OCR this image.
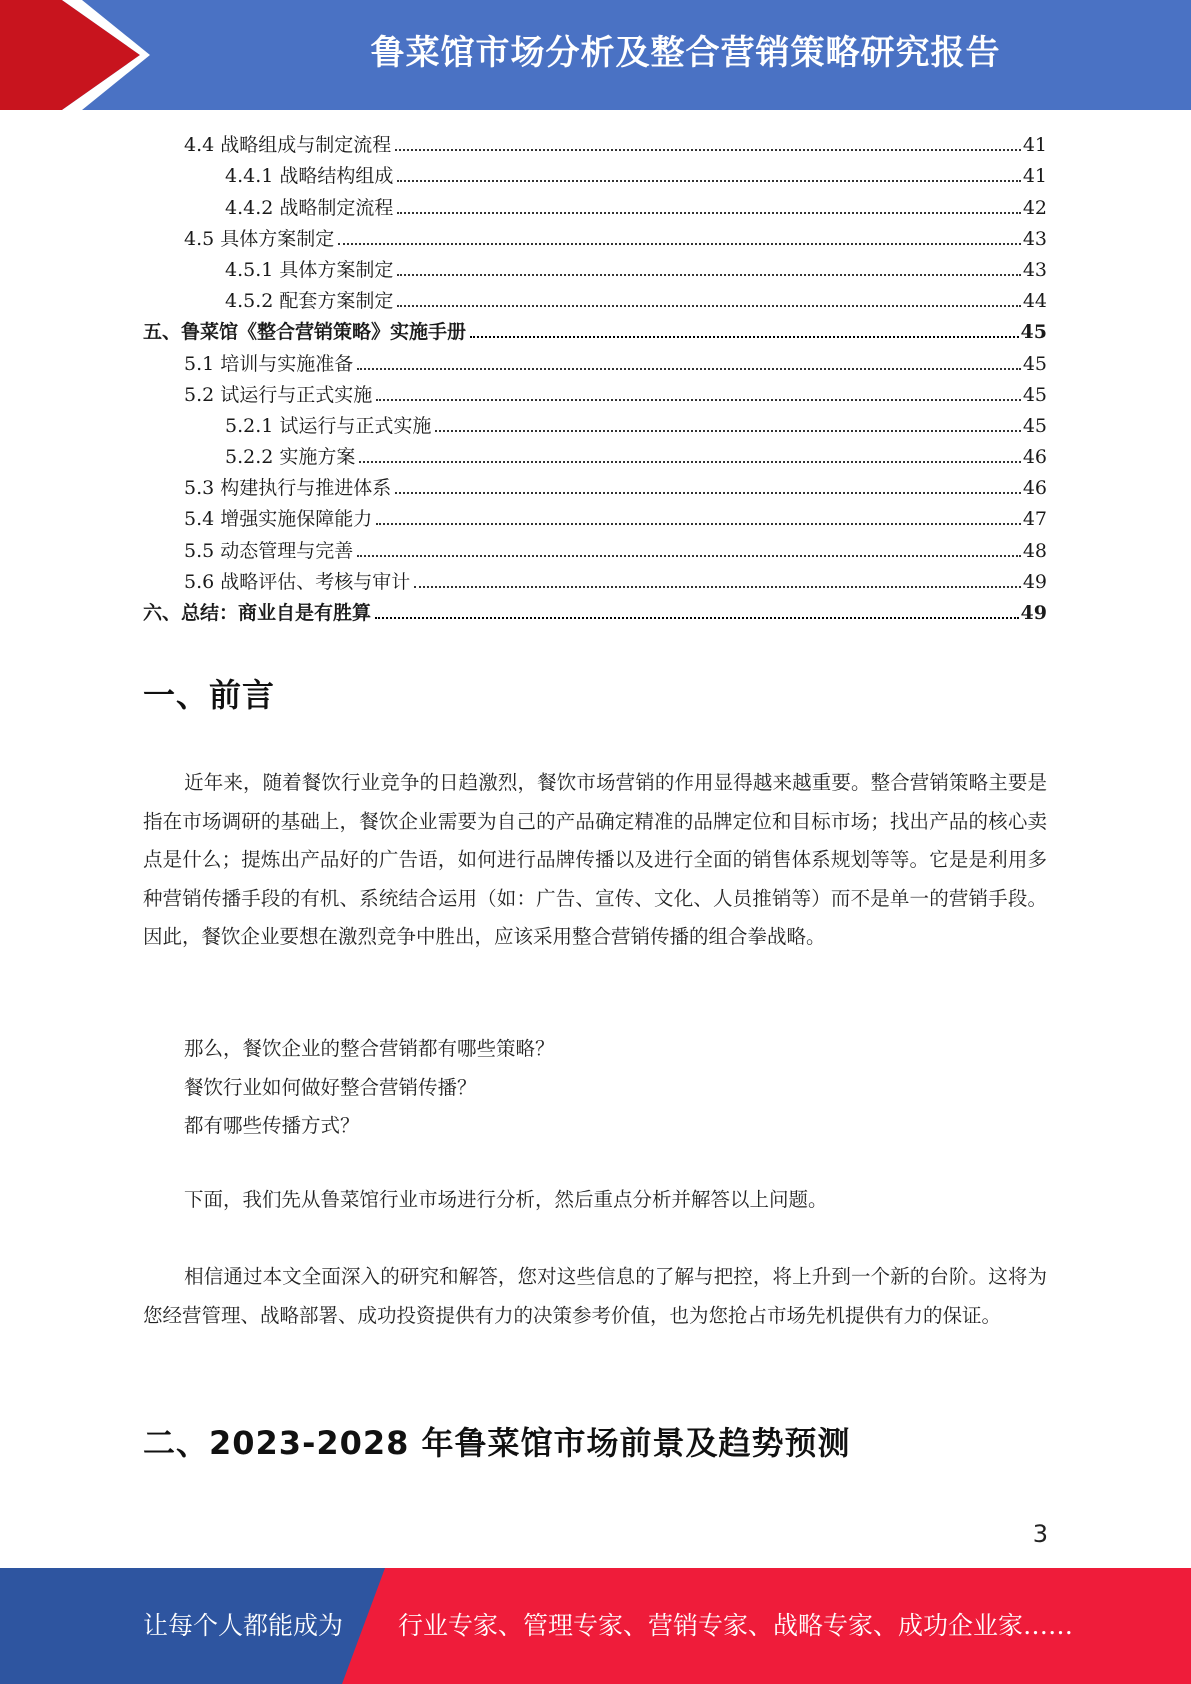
鲁菜馆市场分析及整合营销策略研究报告
4.4 战略组成与制定流程	41
4.4.1 战略结构组成	41
4.4.2 战略制定流程	42
4.5 具体方案制定	43
4.5.1 具体方案制定	43
4.5.2 配套方案制定	44
五、鲁菜馆《整合营销策略》实施手册	45
5.1 培训与实施准备	45
5.2 试运行与正式实施	45
5.2.1 试运行与正式实施	45
5.2.2 实施方案	46
5.3 构建执行与推进体系	46
5.4 增强实施保障能力	47
5.5 动态管理与完善	48
5.6 战略评估、考核与审计	49
六、总结：商业自是有胜算	49
一、前言
近年来，随着餐饮行业竞争的日趋激烈，餐饮市场营销的作用显得越来越重要。整合营销策略主要是指在市场调研的基础上，餐饮企业需要为自己的产品确定精准的品牌定位和目标市场；找出产品的核心卖点是什么；提炼出产品好的广告语，如何进行品牌传播以及进行全面的销售体系规划等等。它是是利用多种营销传播手段的有机、系统结合运用（如：广告、宣传、文化、人员推销等）而不是单一的营销手段。因此，餐饮企业要想在激烈竞争中胜出，应该采用整合营销传播的组合拳战略。
那么，餐饮企业的整合营销都有哪些策略？
餐饮行业如何做好整合营销传播？
都有哪些传播方式？
下面，我们先从鲁菜馆行业市场进行分析，然后重点分析并解答以上问题。
相信通过本文全面深入的研究和解答，您对这些信息的了解与把控，将上升到一个新的台阶。这将为您经营管理、战略部署、成功投资提供有力的决策参考价值，也为您抢占市场先机提供有力的保证。
二、2023-2028 年鲁菜馆市场前景及趋势预测
3
让每个人都能成为 行业专家、管理专家、营销专家、战略专家、成功企业家……
